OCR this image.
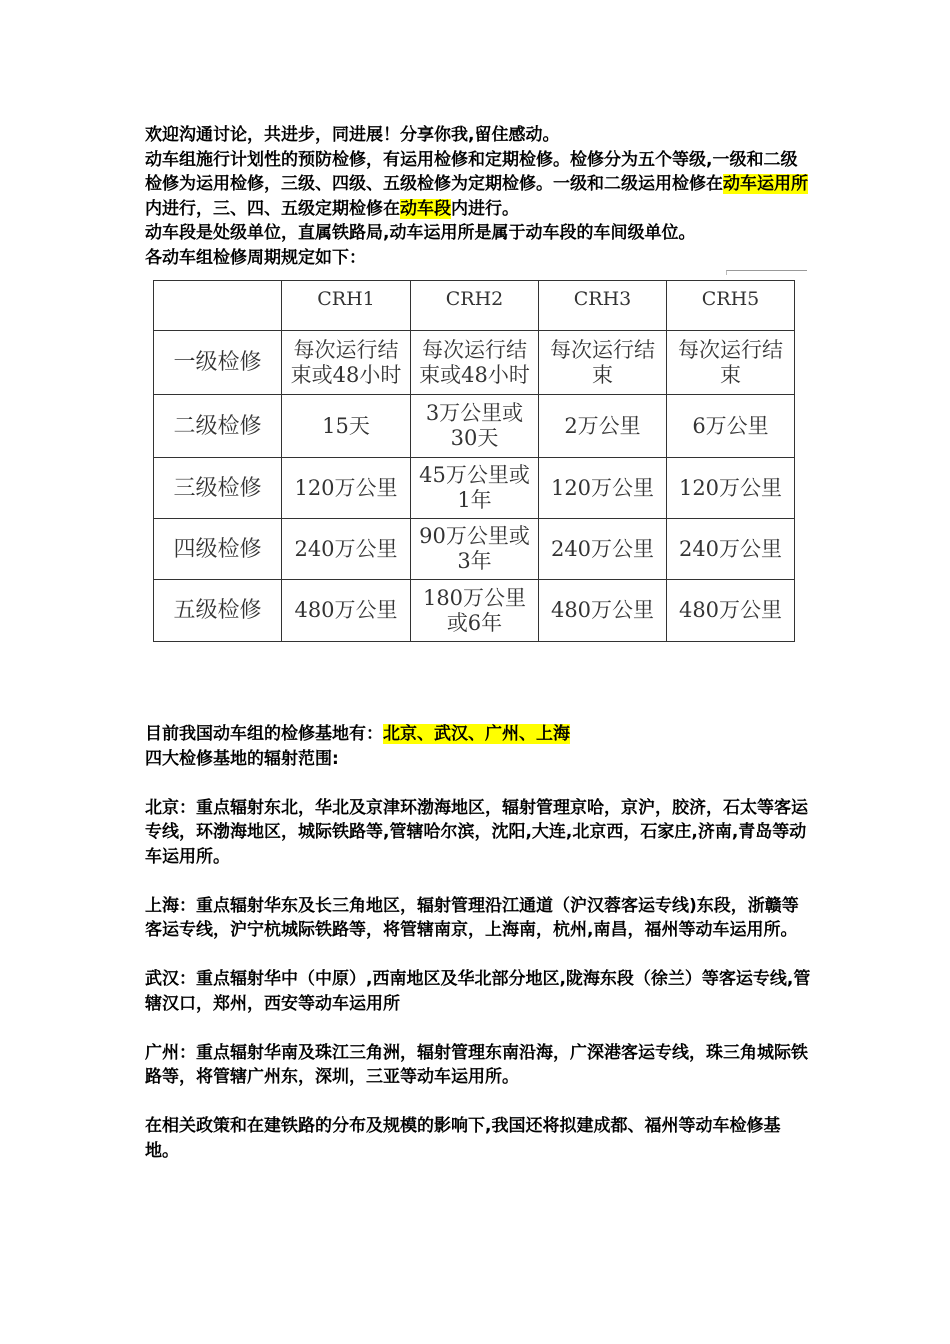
欢迎沟通讨论，共进步，同进展！分享你我,留住感动。
动车组施行计划性的预防检修，有运用检修和定期检修。检修分为五个等级,一级和二级检修为运用检修，三级、四级、五级检修为定期检修。一级和二级运用检修在动车运用所内进行，三、四、五级定期检修在动车段内进行。
动车段是处级单位，直属铁路局,动车运用所是属于动车段的车间级单位。
各动车组检修周期规定如下：
	CRH1	CRH2	CRH3	CRH5
一级检修	每次运行结束或48小时	每次运行结束或48小时	每次运行结束	每次运行结束
二级检修	15天	3万公里或 30天	2万公里	6万公里
三级检修	120万公里	45万公里或1年	120万公里	120万公里
四级检修	240万公里	90万公里或3年	240万公里	240万公里
五级检修	480万公里	180万公里或6年	480万公里	480万公里
目前我国动车组的检修基地有：北京、武汉、广州、上海
四大检修基地的辐射范围:
北京：重点辐射东北，华北及京津环渤海地区，辐射管理京哈，京沪，胶济，石太等客运专线，环渤海地区，城际铁路等,管辖哈尔滨，沈阳,大连,北京西，石家庄,济南,青岛等动车运用所。
上海：重点辐射华东及长三角地区，辐射管理沿江通道（沪汉蓉客运专线)东段，浙赣等客运专线，沪宁杭城际铁路等，将管辖南京，上海南，杭州,南昌，福州等动车运用所。
武汉：重点辐射华中（中原）,西南地区及华北部分地区,陇海东段（徐兰）等客运专线,管辖汉口，郑州，西安等动车运用所
广州：重点辐射华南及珠江三角洲，辐射管理东南沿海，广深港客运专线，珠三角城际铁路等，将管辖广州东，深圳，三亚等动车运用所。
在相关政策和在建铁路的分布及规模的影响下,我国还将拟建成都、福州等动车检修基地。
